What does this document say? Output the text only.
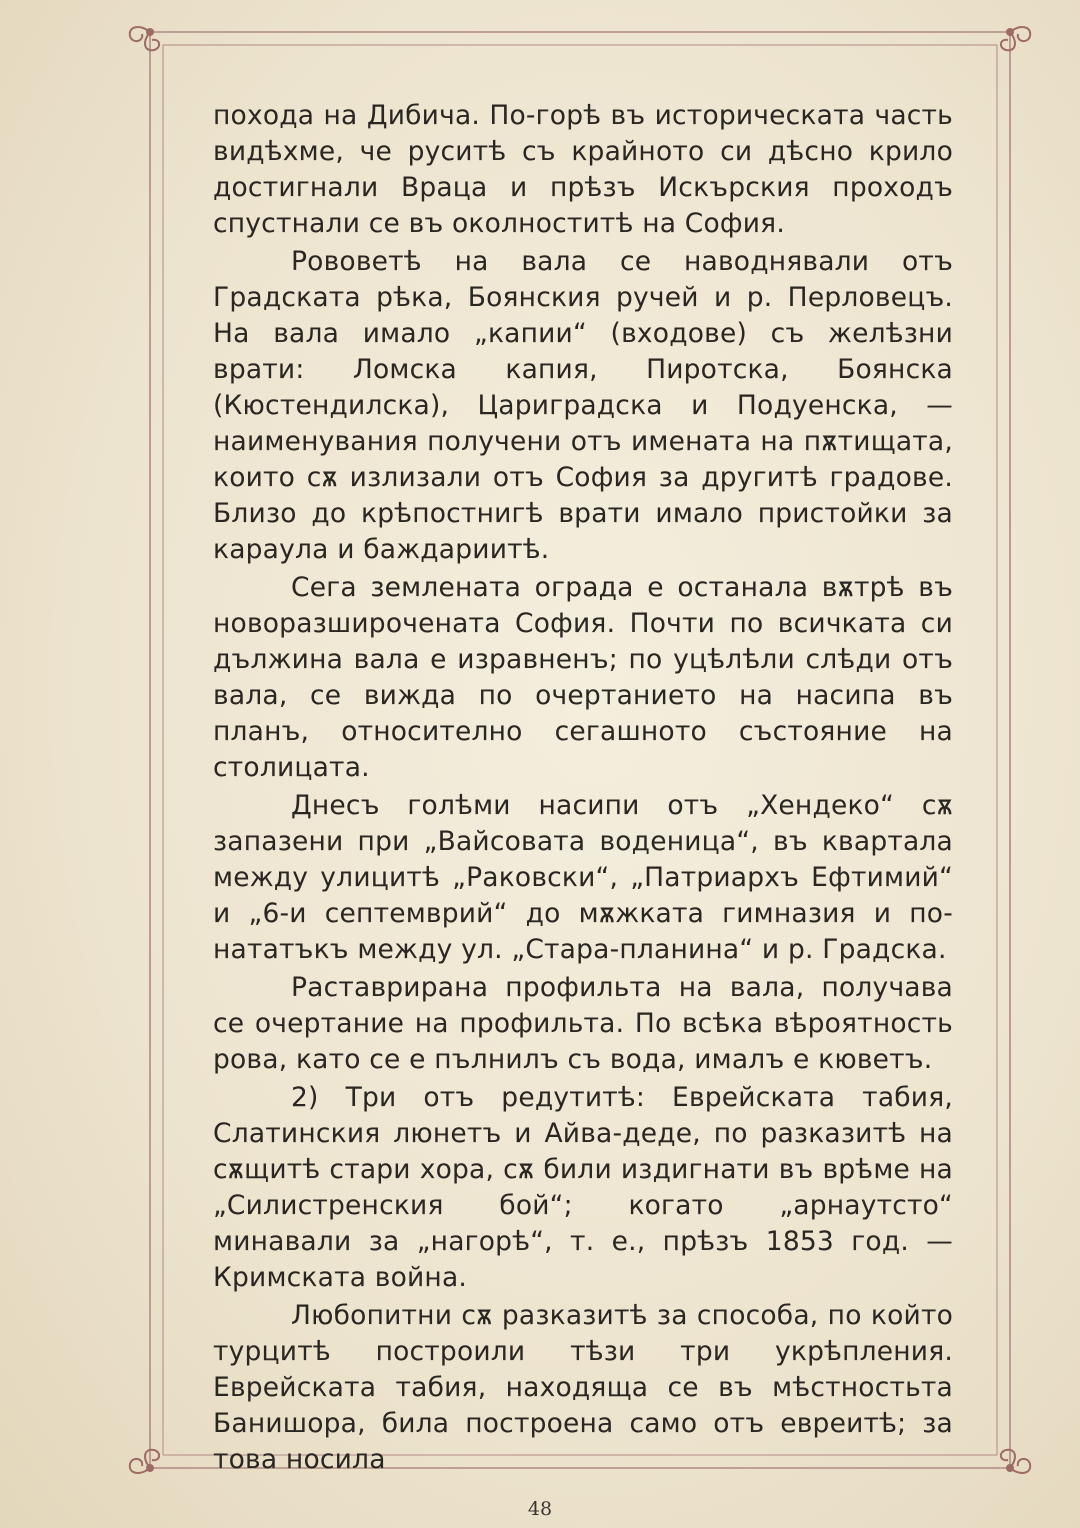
похода на Дибича. По-горѣ въ историческата часть видѣхме, че руситѣ съ крайното си дѣсно крило достигнали Враца и прѣзъ Искърския проходъ спустнали се въ околноститѣ на София.

Рововетѣ на вала се наводнявали отъ Градската рѣка, Боянския ручей и р. Перловецъ. На вала имало „капии“ (входове) съ желѣзни врати: Ломска капия, Пиротска, Боянска (Кюстендилска), Цариградска и Подуенска, — наименувания получени отъ имената на пѫтищата, които сѫ излизали отъ София за другитѣ градове. Близо до крѣпостнигѣ врати имало пристойки за карaула и баждариитѣ.

Сега землената ограда е останала вѫтрѣ въ новоразширочената София. Почти по всичката си дължина вала е изравненъ; по уцѣлѣли слѣди отъ вала, се вижда по очертанието на насипа въ планъ, относително сегашното състояние на столицата.

Днесъ голѣми насипи отъ „Хендеко“ сѫ запазени при „Вайсовата воденица“, въ квартала между улицитѣ „Раковски“, „Патриархъ Ефтимий“ и „6-и септемврий“ до мѫжката гимназия и по-нататъкъ между ул. „Стара-планина“ и р. Градска.

Раставрирана профильта на вала, получава се очертание на профильта. По всѣка вѣроятность рова, като се е пълнилъ съ вода, ималъ е кюветъ.

2) Три отъ редутитѣ: Еврейската табия, Слатинския люнетъ и Айва-деде, по разказитѣ на сѫщитѣ стари хора, сѫ били издигнати въ врѣме на „Силистренския бой“; когато „арнаутсто“ минавали за „нагорѣ“, т. е., прѣзъ 1853 год. — Кримската война.

Любопитни сѫ разказитѣ за способа, по който турцитѣ построили тѣзи три укрѣпления. Еврейската табия, находяща се въ мѣстностьта Банишора, била построена само отъ евреитѣ; за това носила

48
